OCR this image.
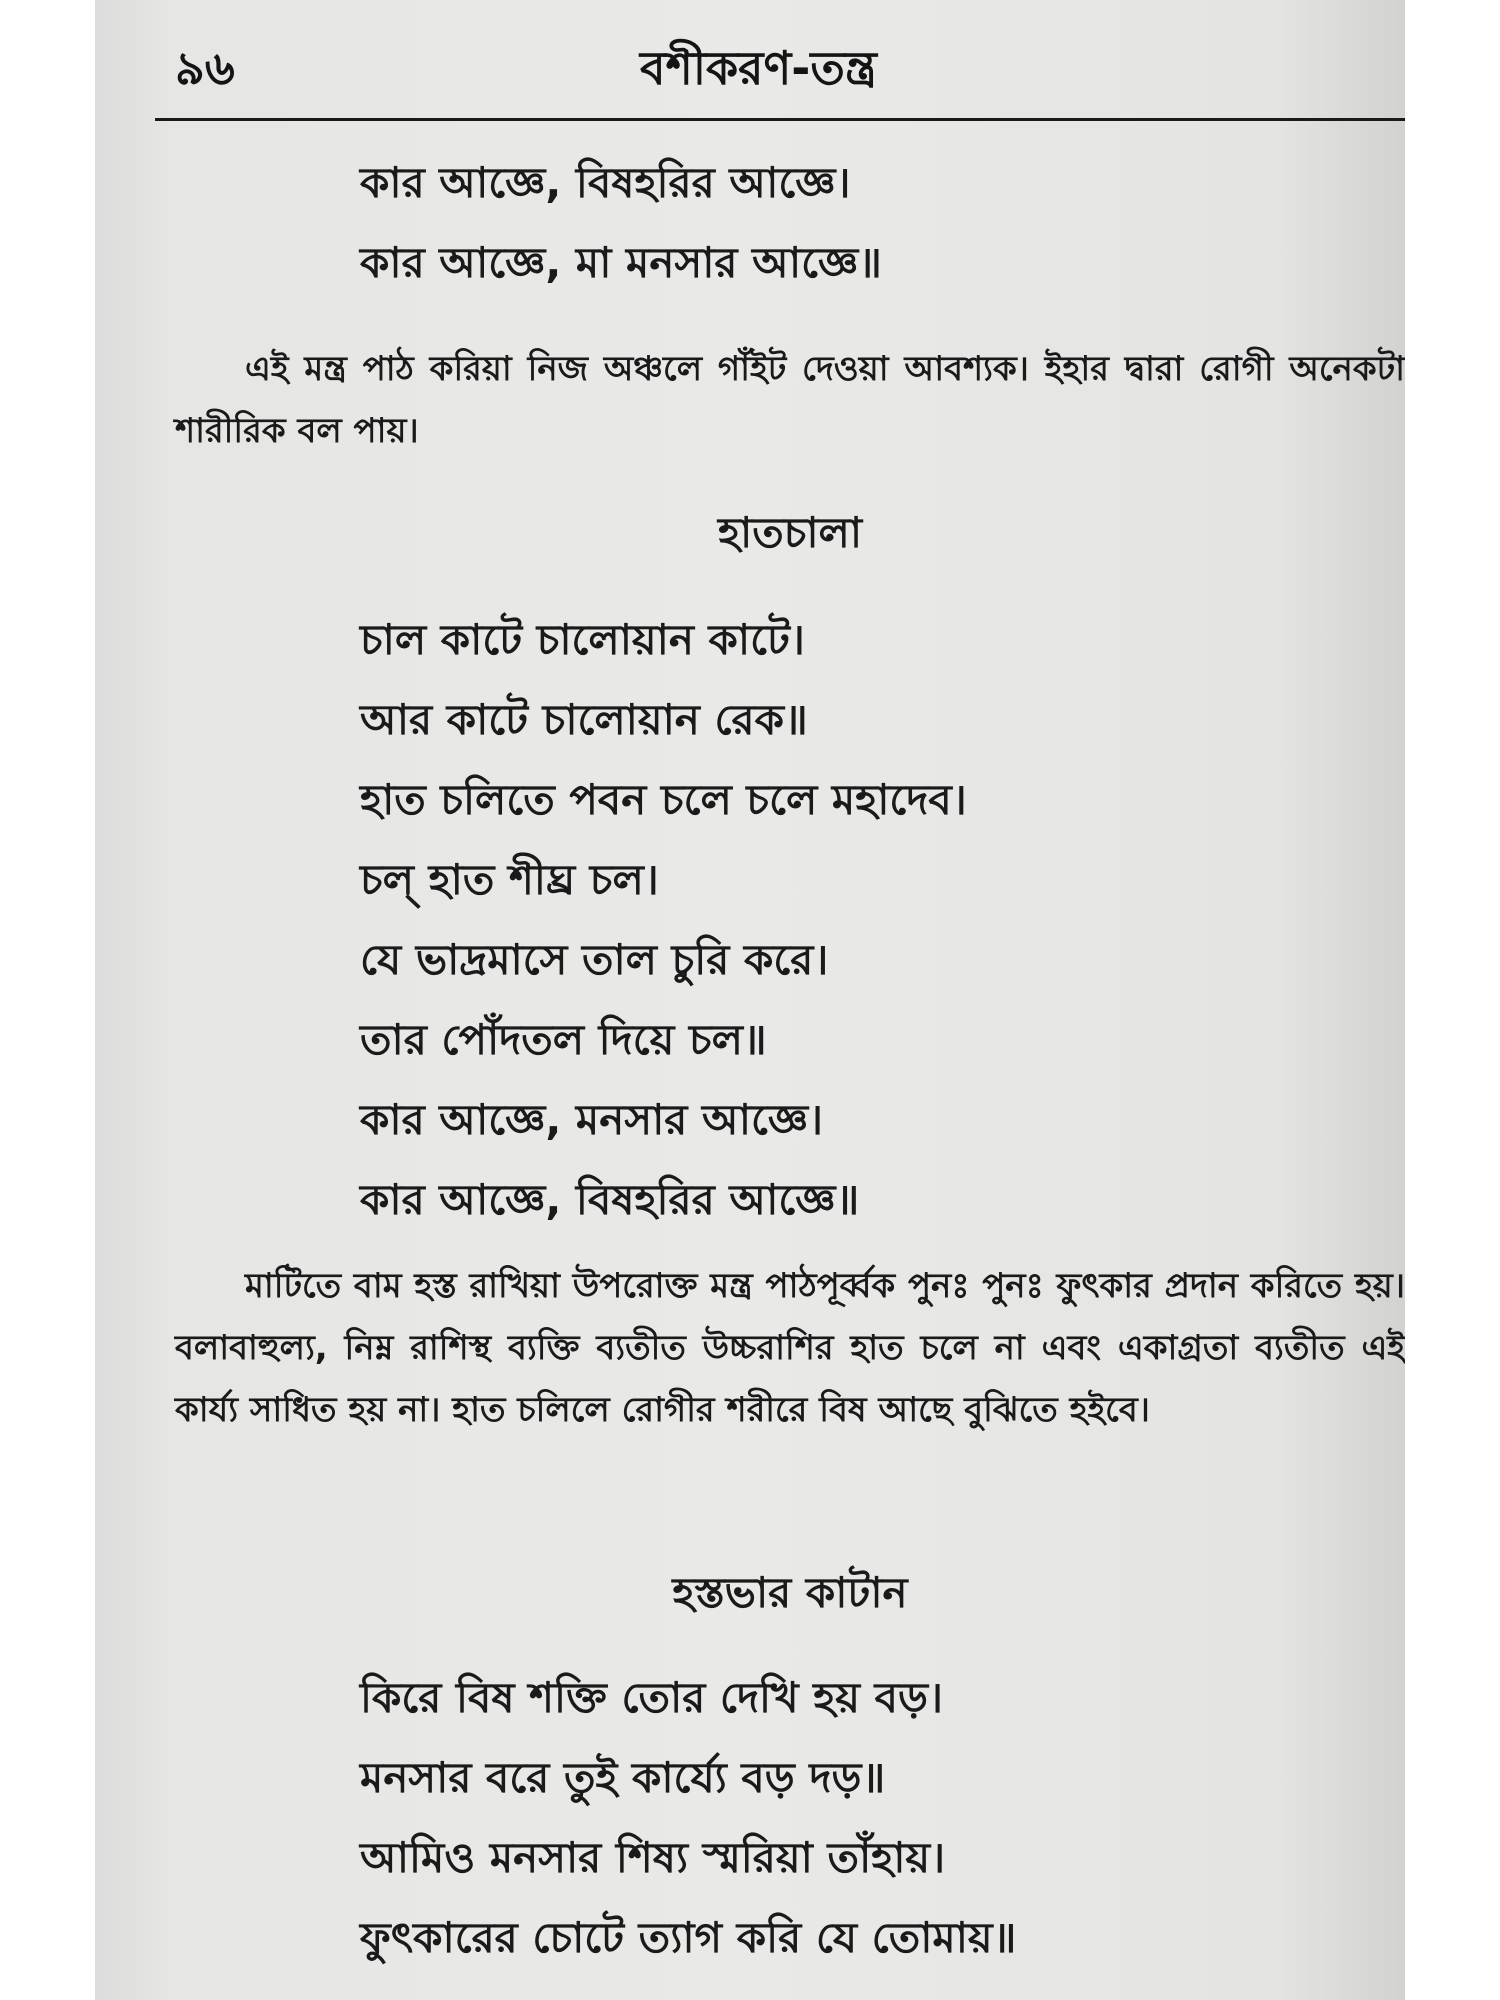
৯৬	বশীকরণ-তন্ত্র
কার আজ্ঞে, বিষহরির আজ্ঞে।
কার আজ্ঞে, মা মনসার আজ্ঞে॥
এই মন্ত্র পাঠ করিয়া নিজ অঞ্চলে গাঁইট দেওয়া আবশ্যক। ইহার দ্বারা রোগী অনেকটা শারীরিক বল পায়।
হাতচালা
চাল কাটে চালোয়ান কাটে।
আর কাটে চালোয়ান রেক॥
হাত চলিতে পবন চলে চলে মহাদেব।
চল্ হাত শীঘ্র চল।
যে ভাদ্রমাসে তাল চুরি করে।
তার পোঁদতল দিয়ে চল॥
কার আজ্ঞে, মনসার আজ্ঞে।
কার আজ্ঞে, বিষহরির আজ্ঞে॥
মাটিতে বাম হস্ত রাখিয়া উপরোক্ত মন্ত্র পাঠপূর্ব্বক পুনঃ পুনঃ ফুৎকার প্রদান করিতে হয়। বলাবাহুল্য, নিম্ন রাশিস্থ ব্যক্তি ব্যতীত উচ্চরাশির হাত চলে না এবং একাগ্রতা ব্যতীত এই কার্য্য সাধিত হয় না। হাত চলিলে রোগীর শরীরে বিষ আছে বুঝিতে হইবে।
হস্তভার কাটান
কিরে বিষ শক্তি তোর দেখি হয় বড়।
মনসার বরে তুই কার্য্যে বড় দড়॥
আমিও মনসার শিষ্য স্মরিয়া তাঁহায়।
ফুৎকারের চোটে ত্যাগ করি যে তোমায়॥
